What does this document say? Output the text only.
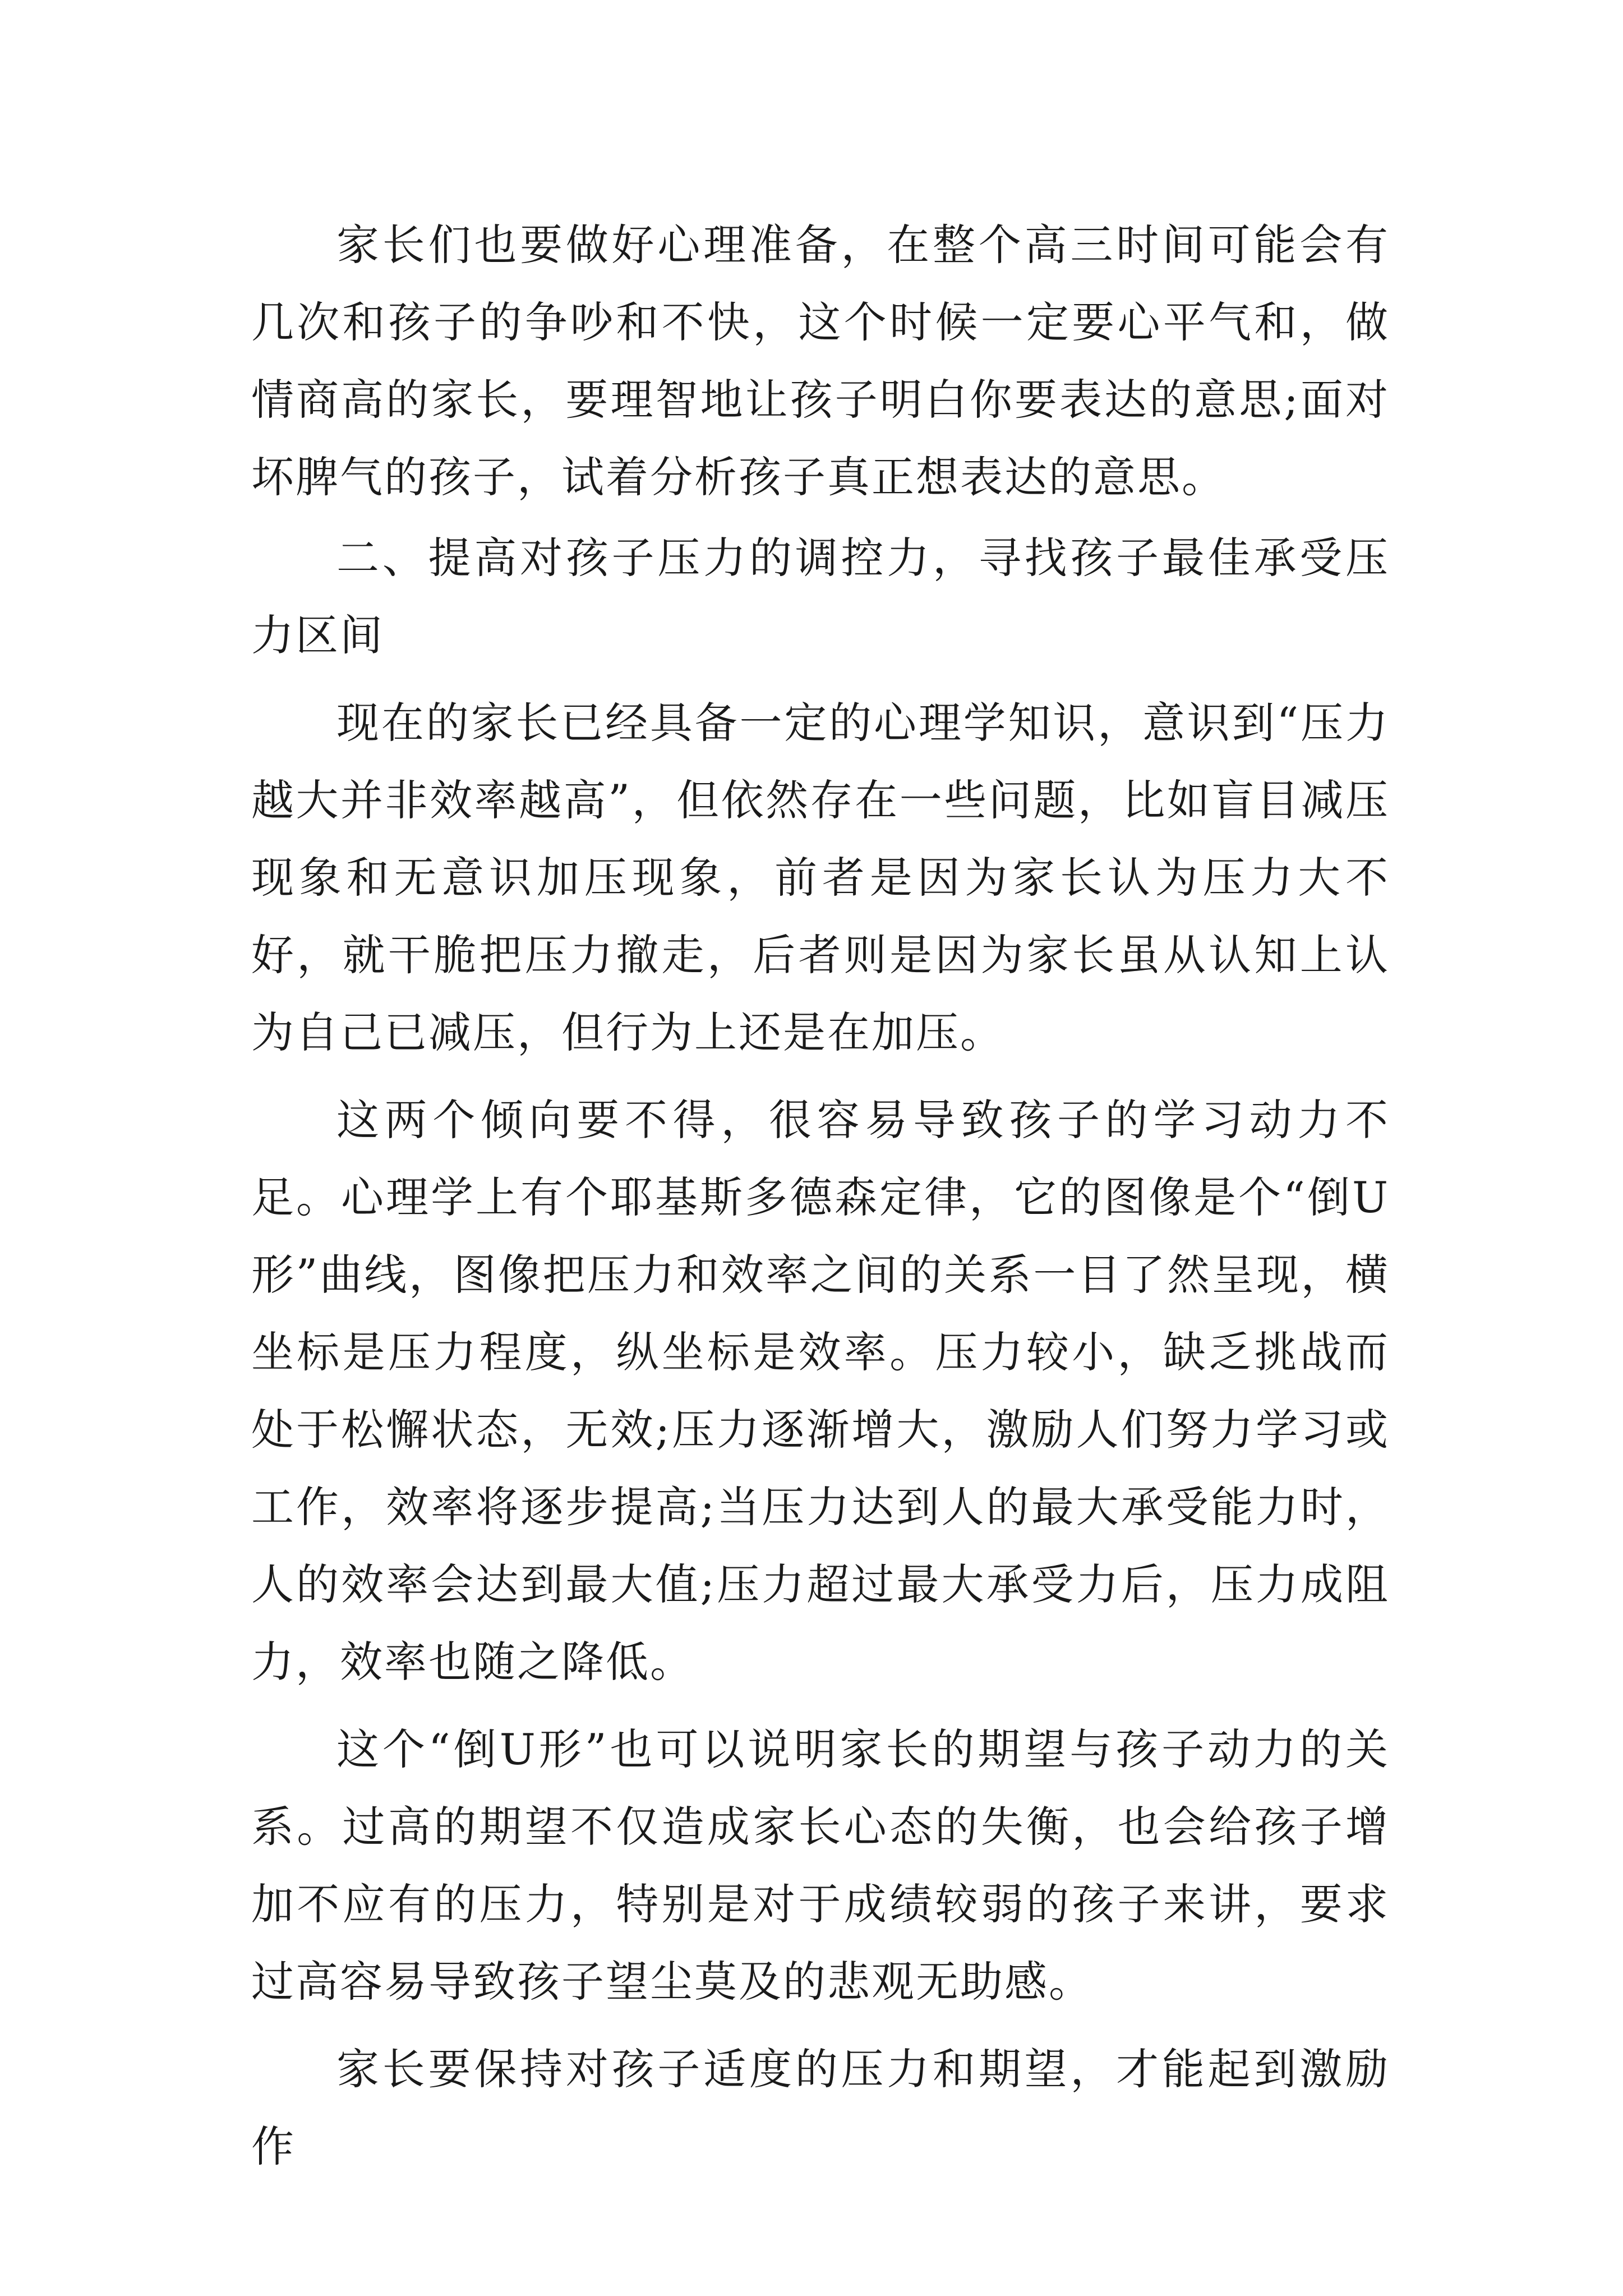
家长们也要做好心理准备，在整个高三时间可能会有几次和孩子的争吵和不快，这个时候一定要心平气和，做情商高的家长，要理智地让孩子明白你要表达的意思;面对坏脾气的孩子，试着分析孩子真正想表达的意思。

二、提高对孩子压力的调控力，寻找孩子最佳承受压力区间

现在的家长已经具备一定的心理学知识，意识到“压力越大并非效率越高”，但依然存在一些问题，比如盲目减压现象和无意识加压现象，前者是因为家长认为压力大不好，就干脆把压力撤走，后者则是因为家长虽从认知上认为自己已减压，但行为上还是在加压。

这两个倾向要不得，很容易导致孩子的学习动力不足。心理学上有个耶基斯多德森定律，它的图像是个“倒U形”曲线，图像把压力和效率之间的关系一目了然呈现，横坐标是压力程度，纵坐标是效率。压力较小，缺乏挑战而处于松懈状态，无效;压力逐渐增大，激励人们努力学习或工作，效率将逐步提高;当压力达到人的最大承受能力时，人的效率会达到最大值;压力超过最大承受力后，压力成阻力，效率也随之降低。

这个“倒U形”也可以说明家长的期望与孩子动力的关系。过高的期望不仅造成家长心态的失衡，也会给孩子增加不应有的压力，特别是对于成绩较弱的孩子来讲，要求过高容易导致孩子望尘莫及的悲观无助感。

家长要保持对孩子适度的压力和期望，才能起到激励作
